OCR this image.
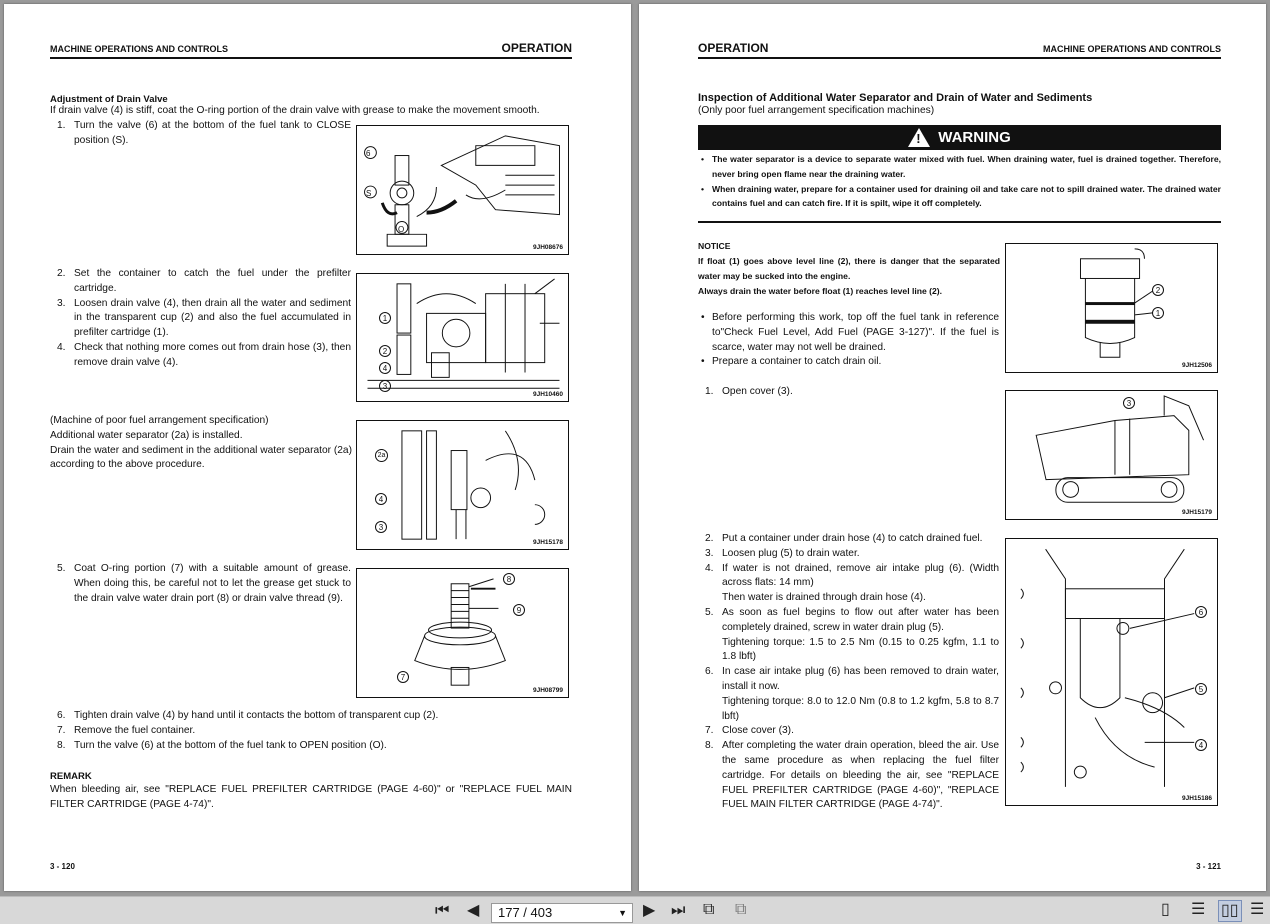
MACHINE OPERATIONS AND CONTROLS	OPERATION
Adjustment of Drain Valve
If drain valve (4) is stiff, coat the O-ring portion of the drain valve with grease to make the movement smooth.
1. Turn the valve (6) at the bottom of the fuel tank to CLOSE position (S).
6
S
O
9JH08676
2. Set the container to catch the fuel under the prefilter cartridge.
3. Loosen drain valve (4), then drain all the water and sediment in the transparent cup (2) and also the fuel accumulated in prefilter cartridge (1).
4. Check that nothing more comes out from drain hose (3), then remove drain valve (4).
1
2
4
3
9JH10460
(Machine of poor fuel arrangement specification)
Additional water separator (2a) is installed.
Drain the water and sediment in the additional water separator (2a) according to the above procedure.
2a
4
3
9JH15178
5. Coat O-ring portion (7) with a suitable amount of grease. When doing this, be careful not to let the grease get stuck to the drain valve water drain port (8) or drain valve thread (9).
8
9
7
9JH08799
6. Tighten drain valve (4) by hand until it contacts the bottom of transparent cup (2).
7. Remove the fuel container.
8. Turn the valve (6) at the bottom of the fuel tank to OPEN position (O).
REMARK
When bleeding air, see "REPLACE FUEL PREFILTER CARTRIDGE (PAGE 4-60)" or "REPLACE FUEL MAIN FILTER CARTRIDGE (PAGE 4-74)".
3 - 120
OPERATION	MACHINE OPERATIONS AND CONTROLS
Inspection of Additional Water Separator and Drain of Water and Sediments
(Only poor fuel arrangement specification machines)
! WARNING
• The water separator is a device to separate water mixed with fuel. When draining water, fuel is drained together. Therefore, never bring open flame near the draining water.
• When draining water, prepare for a container used for draining oil and take care not to spill drained water. The drained water contains fuel and can catch fire. If it is spilt, wipe it off completely.
NOTICE
If float (1) goes above level line (2), there is danger that the separated water may be sucked into the engine.
Always drain the water before float (1) reaches level line (2).
• Before performing this work, top off the fuel tank in reference to"Check Fuel Level, Add Fuel (PAGE 3-127)". If the fuel is scarce, water may not well be drained.
• Prepare a container to catch drain oil.
2
1
9JH12506
1. Open cover (3).
3
9JH15179
2. Put a container under drain hose (4) to catch drained fuel.
3. Loosen plug (5) to drain water.
4. If water is not drained, remove air intake plug (6). (Width across flats: 14 mm)
Then water is drained through drain hose (4).
5. As soon as fuel begins to flow out after water has been completely drained, screw in water drain plug (5).
Tightening torque: 1.5 to 2.5 Nm (0.15 to 0.25 kgfm, 1.1 to 1.8 lbft)
6. In case air intake plug (6) has been removed to drain water, install it now.
Tightening torque: 8.0 to 12.0 Nm (0.8 to 1.2 kgfm, 5.8 to 8.7 lbft)
7. Close cover (3).
8. After completing the water drain operation, bleed the air. Use the same procedure as when replacing the fuel filter cartridge. For details on bleeding the air, see "REPLACE FUEL PREFILTER CARTRIDGE (PAGE 4-60)", "REPLACE FUEL MAIN FILTER CARTRIDGE (PAGE 4-74)".
6
5
4
9JH15186
3 - 121
⏮ ◀	177 / 403	▼ ▶ ⏭ ⧉ ⧉	▯ ☰ ▯▯ ☰
